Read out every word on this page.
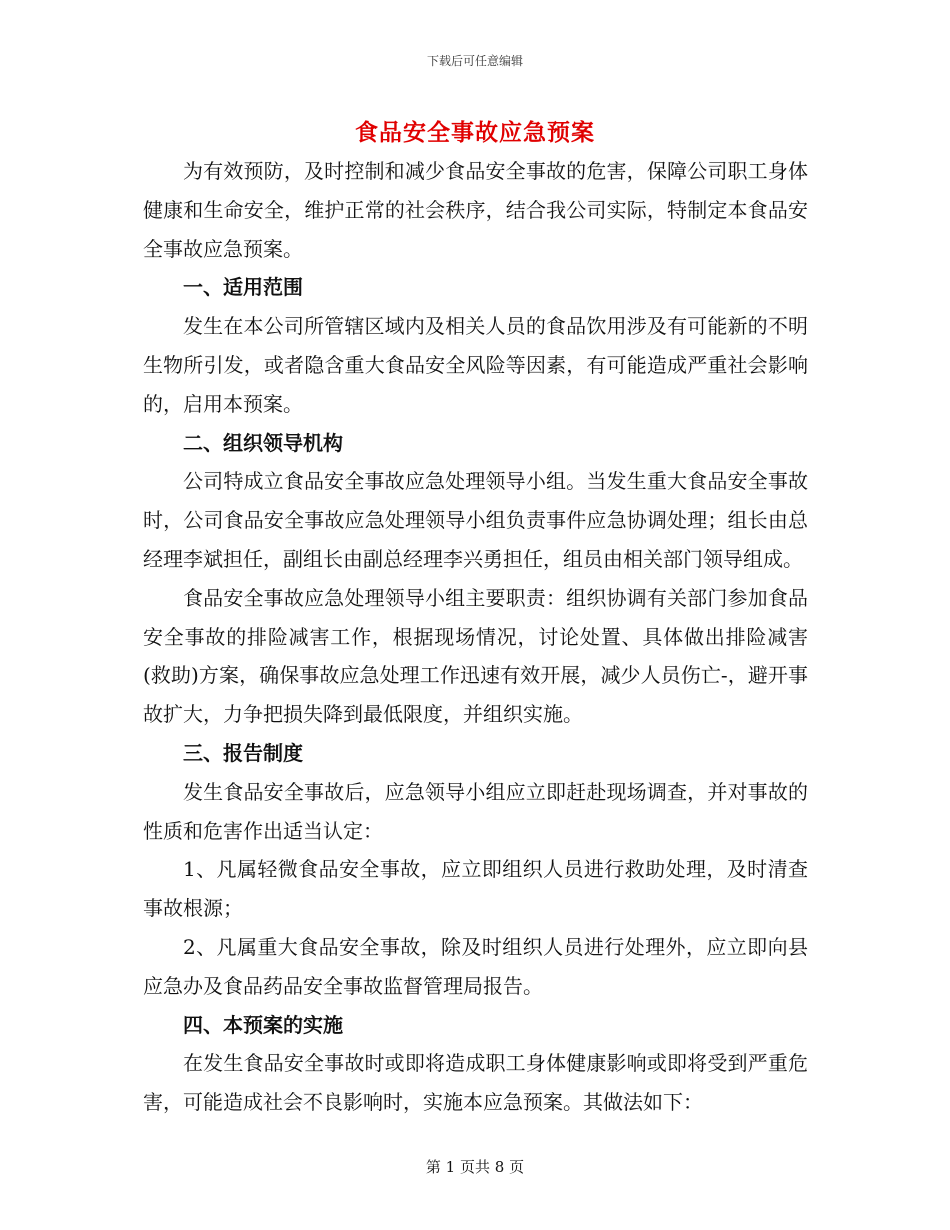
下载后可任意编辑
食品安全事故应急预案

为有效预防，及时控制和减少食品安全事故的危害，保障公司职工身体健康和生命安全，维护正常的社会秩序，结合我公司实际，特制定本食品安全事故应急预案。

一、适用范围

发生在本公司所管辖区域内及相关人员的食品饮用涉及有可能新的不明生物所引发，或者隐含重大食品安全风险等因素，有可能造成严重社会影响的，启用本预案。

二、组织领导机构

公司特成立食品安全事故应急处理领导小组。当发生重大食品安全事故时，公司食品安全事故应急处理领导小组负责事件应急协调处理；组长由总经理李斌担任，副组长由副总经理李兴勇担任，组员由相关部门领导组成。

食品安全事故应急处理领导小组主要职责：组织协调有关部门参加食品安全事故的排险减害工作，根据现场情况，讨论处置、具体做出排险减害(救助)方案，确保事故应急处理工作迅速有效开展，减少人员伤亡-，避开事故扩大，力争把损失降到最低限度，并组织实施。

三、报告制度

发生食品安全事故后，应急领导小组应立即赶赴现场调查，并对事故的性质和危害作出适当认定：

1、凡属轻微食品安全事故，应立即组织人员进行救助处理，及时清查事故根源；

2、凡属重大食品安全事故，除及时组织人员进行处理外，应立即向县应急办及食品药品安全事故监督管理局报告。

四、本预案的实施

在发生食品安全事故时或即将造成职工身体健康影响或即将受到严重危害，可能造成社会不良影响时，实施本应急预案。其做法如下：

第 1 页共 8 页
